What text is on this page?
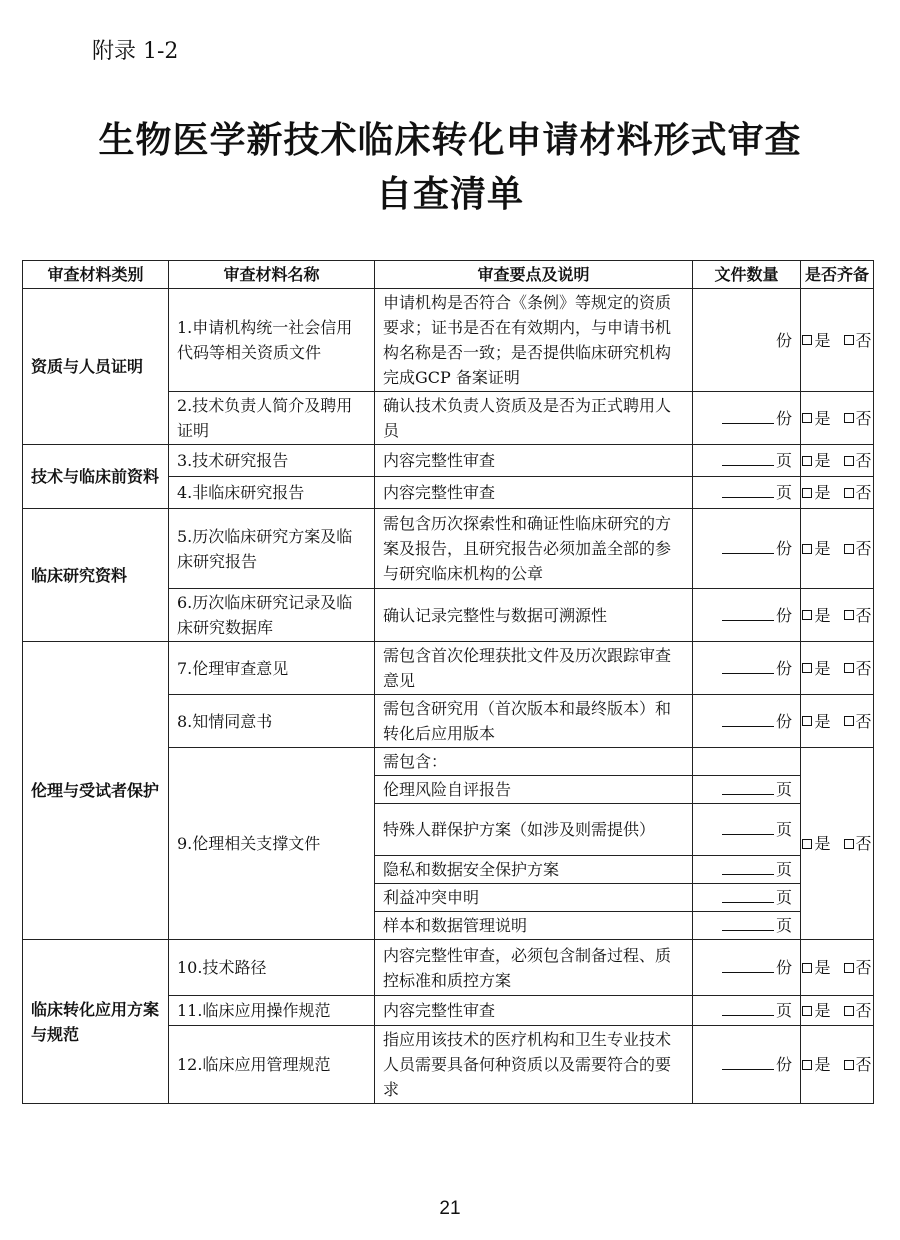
附录 1-2
生物医学新技术临床转化申请材料形式审查
自查清单
审查材料类别	审查材料名称	审查要点及说明	文件数量	是否齐备
资质与人员证明	1.申请机构统一社会信用代码等相关资质文件	申请机构是否符合《条例》等规定的资质要求；证书是否在有效期内，与申请书机构名称是否一致；是否提供临床研究机构完成GCP 备案证明	份	是 否
	2.技术负责人简介及聘用证明	确认技术负责人资质及是否为正式聘用人员	份	是 否
技术与临床前资料	3.技术研究报告	内容完整性审查	页	是 否
	4.非临床研究报告	内容完整性审查	页	是 否
临床研究资料	5.历次临床研究方案及临床研究报告	需包含历次探索性和确证性临床研究的方案及报告，且研究报告必须加盖全部的参与研究临床机构的公章	份	是 否
	6.历次临床研究记录及临床研究数据库	确认记录完整性与数据可溯源性	份	是 否
伦理与受试者保护	7.伦理审查意见	需包含首次伦理获批文件及历次跟踪审查意见	份	是 否
	8.知情同意书	需包含研究用（首次版本和最终版本）和转化后应用版本	份	是 否
	9.伦理相关支撑文件	需包含：		是 否
		伦理风险自评报告	页	
		特殊人群保护方案（如涉及则需提供）	页	
		隐私和数据安全保护方案	页	
		利益冲突申明	页	
		样本和数据管理说明	页	
临床转化应用方案与规范	10.技术路径	内容完整性审查，必须包含制备过程、质控标准和质控方案	份	是 否
	11.临床应用操作规范	内容完整性审查	页	是 否
	12.临床应用管理规范	指应用该技术的医疗机构和卫生专业技术人员需要具备何种资质以及需要符合的要求	份	是 否
21
